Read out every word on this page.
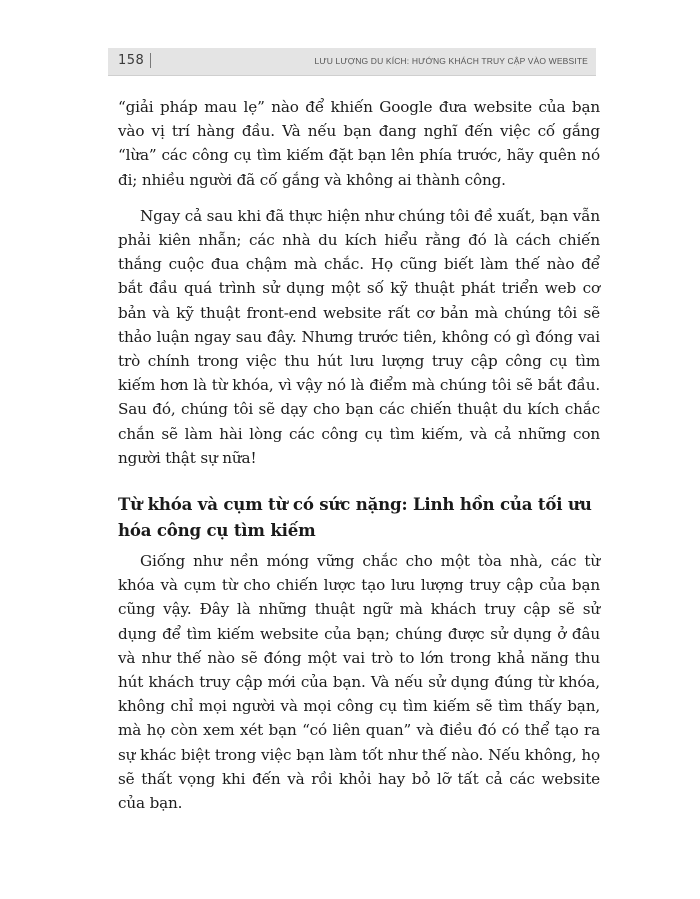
158	LƯU LƯỢNG DU KÍCH: HƯỚNG KHÁCH TRUY CẬP VÀO WEBSITE

“giải pháp mau lẹ” nào để khiến Google đưa website của bạn vào vị trí hàng đầu. Và nếu bạn đang nghĩ đến việc cố gắng “lừa” các công cụ tìm kiếm đặt bạn lên phía trước, hãy quên nó đi; nhiều người đã cố gắng và không ai thành công.

Ngay cả sau khi đã thực hiện như chúng tôi đề xuất, bạn vẫn phải kiên nhẫn; các nhà du kích hiểu rằng đó là cách chiến thắng cuộc đua chậm mà chắc. Họ cũng biết làm thế nào để bắt đầu quá trình sử dụng một số kỹ thuật phát triển web cơ bản và kỹ thuật front-end website rất cơ bản mà chúng tôi sẽ thảo luận ngay sau đây. Nhưng trước tiên, không có gì đóng vai trò chính trong việc thu hút lưu lượng truy cập công cụ tìm kiếm hơn là từ khóa, vì vậy nó là điểm mà chúng tôi sẽ bắt đầu. Sau đó, chúng tôi sẽ dạy cho bạn các chiến thuật du kích chắc chắn sẽ làm hài lòng các công cụ tìm kiếm, và cả những con người thật sự nữa!

Từ khóa và cụm từ có sức nặng: Linh hồn của tối ưu hóa công cụ tìm kiếm

Giống như nền móng vững chắc cho một tòa nhà, các từ khóa và cụm từ cho chiến lược tạo lưu lượng truy cập của bạn cũng vậy. Đây là những thuật ngữ mà khách truy cập sẽ sử dụng để tìm kiếm website của bạn; chúng được sử dụng ở đâu và như thế nào sẽ đóng một vai trò to lớn trong khả năng thu hút khách truy cập mới của bạn. Và nếu sử dụng đúng từ khóa, không chỉ mọi người và mọi công cụ tìm kiếm sẽ tìm thấy bạn, mà họ còn xem xét bạn “có liên quan” và điều đó có thể tạo ra sự khác biệt trong việc bạn làm tốt như thế nào. Nếu không, họ sẽ thất vọng khi đến và rồi khỏi hay bỏ lỡ tất cả các website của bạn.
